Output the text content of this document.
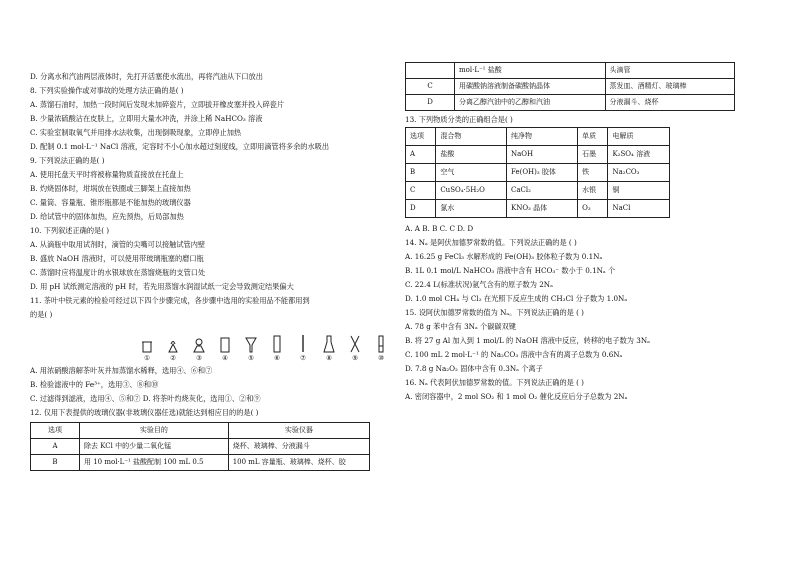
D. 分离水和汽油两层液体时，先打开活塞使水流出，再将汽油从下口放出
8. 下列实验操作或对事故的处理方法正确的是( )
A. 蒸馏石油时，加热一段时间后发现未加碎瓷片，立即拔开橡皮塞并投入碎瓷片
B. 少量浓硫酸沾在皮肤上，立即用大量水冲洗，并涂上稀 NaHCO₃ 溶液
C. 实验室制取氧气并用排水法收集，出现倒吸现象，立即停止加热
D. 配制 0.1 mol·L⁻¹ NaCl 溶液，定容时不小心加水超过刻度线，立即用滴管将多余的水吸出
9. 下列说法正确的是( )
A. 使用托盘天平时将被称量物质直接放在托盘上
B. 灼烧固体时，坩埚放在铁圈或三脚架上直接加热
C. 量筒、容量瓶、锥形瓶都是不能加热的玻璃仪器
D. 给试管中的固体加热，应先预热，后局部加热
10. 下列叙述正确的是( )
A. 从滴瓶中取用试剂时，滴管的尖嘴可以接触试管内壁
B. 盛放 NaOH 溶液时，可以使用带玻璃瓶塞的磨口瓶
C. 蒸馏时应将温度计的水银球放在蒸馏烧瓶的支管口处
D. 用 pH 试纸测定溶液的 pH 时，若先用蒸馏水润湿试纸一定会导致测定结果偏大
11. 茶叶中铁元素的检验可经过以下四个步骤完成，各步骤中选用的实验用品不能都用到
的是( )
①	②	③	④	⑤	⑥	⑦	⑧	⑨	⑩
A. 用浓硝酸溶解茶叶灰并加蒸馏水稀释，选用④、⑥和⑦
B. 检验滤液中的 Fe³⁺，选用③、⑧和⑩
C. 过滤得到滤液，选用④、⑤和⑦ D. 将茶叶灼烧灰化，选用①、②和⑨
12. 仅用下表提供的玻璃仪器(非玻璃仪器任选)就能达到相应目的的是( )
选项	实验目的	实验仪器
A	除去 KCl 中的少量二氧化锰	烧杯、玻璃棒、分液漏斗
B	用 10 mol·L⁻¹ 盐酸配制 100 mL 0.5	100 mL 容量瓶、玻璃棒、烧杯、胶
	mol·L⁻¹ 盐酸	头滴管
C	用碳酸钠溶液制备碳酸钠晶体	蒸发皿、酒精灯、玻璃棒
D	分离乙醇汽油中的乙醇和汽油	分液漏斗、烧杯
13. 下列物质分类的正确组合是( )
选项	混合物	纯净物	单质	电解质
A	盐酸	NaOH	石墨	K₂SO₄ 溶液
B	空气	Fe(OH)₃ 胶体	铁	Na₂CO₃
C	CuSO₄·5H₂O	CaCl₂	水银	铜
D	氯水	KNO₃ 晶体	O₃	NaCl
A. A B. B C. C D. D
14. Nₐ 是阿伏加德罗常数的值。下列说法正确的是 ( )
A. 16.25 g FeCl₃ 水解形成的 Fe(OH)₃ 胶体粒子数为 0.1Nₐ
B. 1L 0.1 mol/L NaHCO₃ 溶液中含有 HCO₃⁻ 数小于 0.1Nₐ 个
C. 22.4 L(标准状况)氩气含有的原子数为 2Nₐ
D. 1.0 mol CH₄ 与 Cl₂ 在光照下反应生成的 CH₃Cl 分子数为 1.0Nₐ
15. 设阿伏加德罗常数的值为 Nₐ。下列说法正确的是 ( )
A. 78 g 苯中含有 3Nₐ 个碳碳双键
B. 将 27 g Al 加入到 1 mol/L 的 NaOH 溶液中反应，转移的电子数为 3Nₐ
C. 100 mL 2 mol·L⁻¹ 的 Na₂CO₃ 溶液中含有的离子总数为 0.6Nₐ
D. 7.8 g Na₂O₂ 固体中含有 0.3Nₐ 个离子
16. Nₐ 代表阿伏加德罗常数的值。下列说法正确的是 ( )
A. 密闭容器中，2 mol SO₂ 和 1 mol O₂ 催化反应后分子总数为 2Nₐ
